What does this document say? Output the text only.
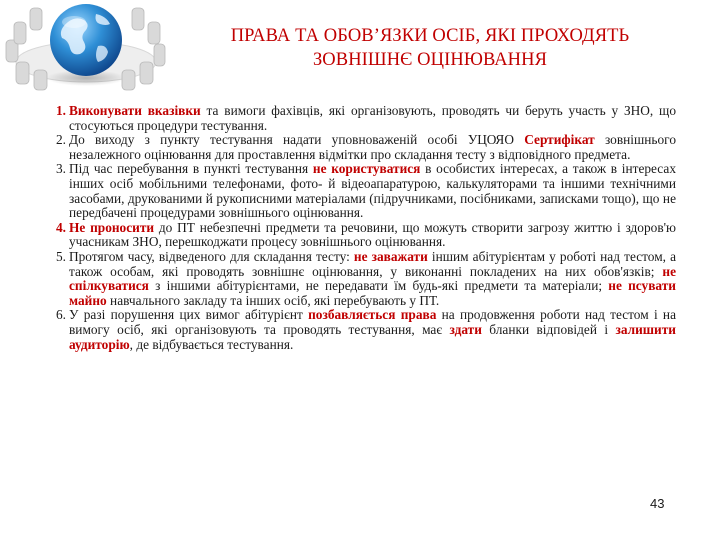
ПРАВА ТА ОБОВ’ЯЗКИ ОСІБ, ЯКІ ПРОХОДЯТЬ
ЗОВНІШНЄ ОЦІНЮВАННЯ
1. Виконувати вказівки та вимоги фахівців, які організовують, проводять чи беруть участь у ЗНО, що стосуються процедури тестування.
2. До виходу з пункту тестування надати уповноваженій особі УЦОЯО Сертифікат зовнішнього незалежного оцінювання для проставлення відмітки про складання тесту з відповідного предмета.
3. Під час перебування в пункті тестування не користуватися в особистих інтересах, а також в інтересах інших осіб мобільними телефонами, фото- й відеоапаратурою, калькуляторами та іншими технічними засобами, друкованими й рукописними матеріалами (підручниками, посібниками, записками тощо), що не передбачені процедурами зовнішнього оцінювання.
4. Не проносити до ПТ небезпечні предмети та речовини, що можуть створити загрозу життю і здоров'ю учасникам ЗНО, перешкоджати процесу зовнішнього оцінювання.
5. Протягом часу, відведеного для складання тесту: не заважати іншим абітурієнтам у роботі над тестом, а також особам, які проводять зовнішнє оцінювання, у виконанні покладених на них обов'язків; не спілкуватися з іншими абітурієнтами, не передавати їм будь-які предмети та матеріали; не псувати майно навчального закладу та інших осіб, які перебувають у ПТ.
6. У разі порушення цих вимог абітурієнт позбавляється права на продовження роботи над тестом і на вимогу осіб, які організовують та проводять тестування, має здати бланки відповідей і залишити аудиторію, де відбувається тестування.
43
